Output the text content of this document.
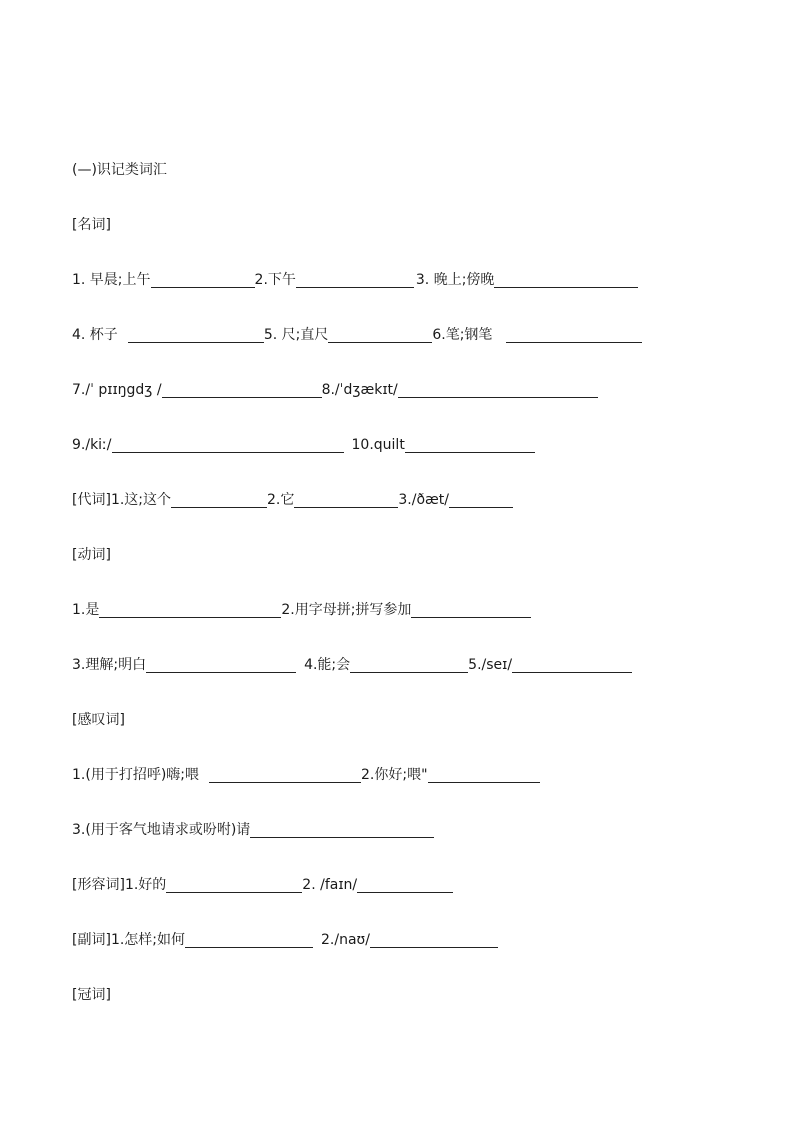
(—)识记类词汇
[名词]
1. 早晨;上午	2.下午	3. 晚上;傍晚
4. 杯子	5. 尺;直尺	6.笔;钢笔
7./ˈ pɪɪŋgdʒ /	8./ˈdʒækɪt/
9./kiː/	10.quilt
[代词] 1.这;这个	2.它	3./ðæt/
[动词]
1.是	2.用字母拼;拼写参加
3.理解;明白	4.能;会	5./seɪ/
[感叹词]
1.(用于打招呼)嗨;喂	2.你好;喂"
3.(用于客气地请求或吩咐)请
[形容词] 1.好的	2. /faɪn/
[副词] 1.怎样;如何	2./naʊ/
[冠词]
